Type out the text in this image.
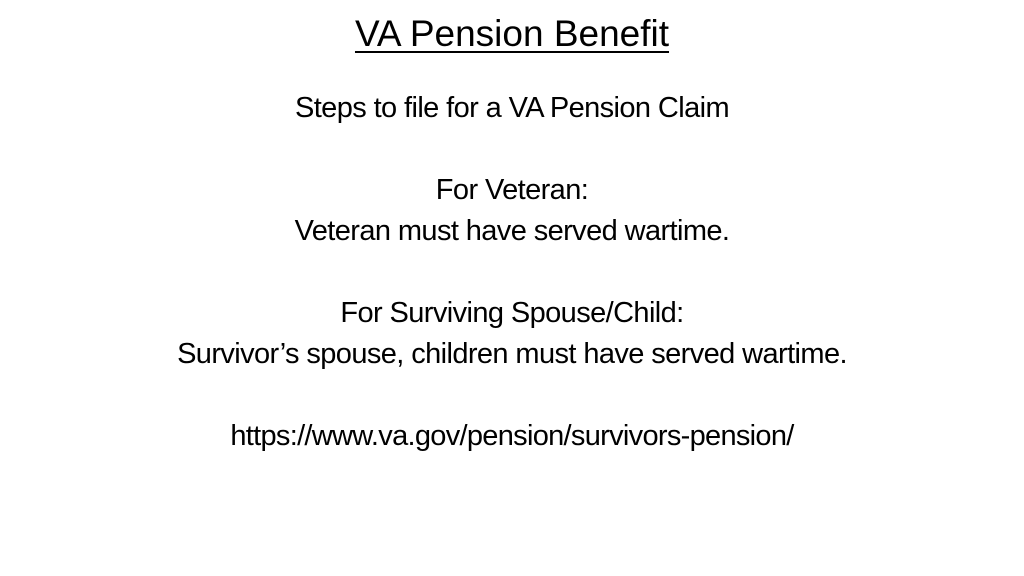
VA Pension Benefit
Steps to file for a VA Pension Claim
For Veteran:
Veteran must have served wartime.
For Surviving Spouse/Child:
Survivor’s spouse, children must have served wartime.
https://www.va.gov/pension/survivors-pension/
